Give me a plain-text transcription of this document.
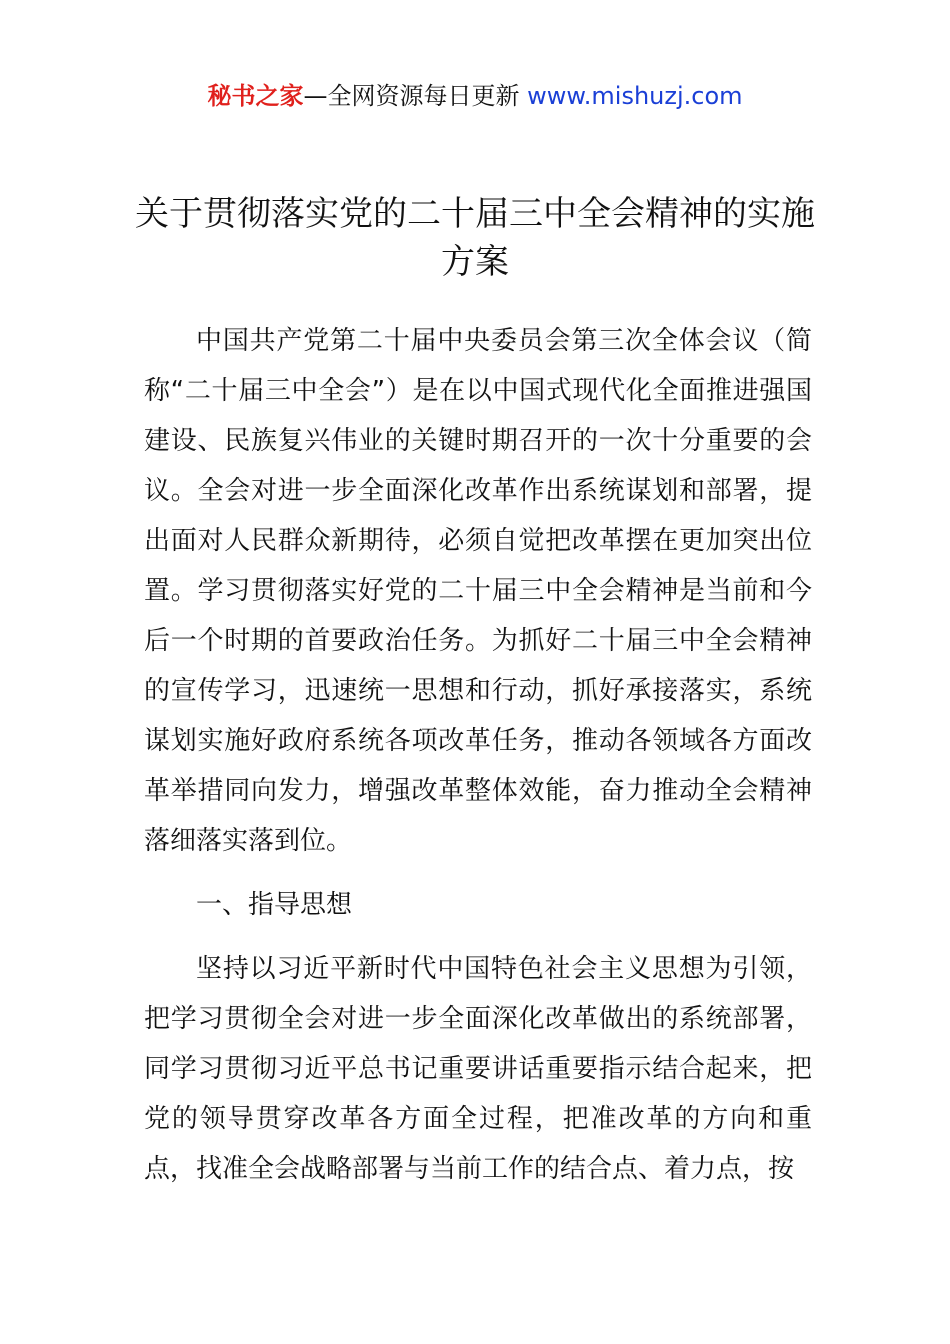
秘书之家—全网资源每日更新 www.mishuzj.com
关于贯彻落实党的二十届三中全会精神的实施方案

中国共产党第二十届中央委员会第三次全体会议（简称“二十届三中全会”）是在以中国式现代化全面推进强国建设、民族复兴伟业的关键时期召开的一次十分重要的会议。全会对进一步全面深化改革作出系统谋划和部署，提出面对人民群众新期待，必须自觉把改革摆在更加突出位置。学习贯彻落实好党的二十届三中全会精神是当前和今后一个时期的首要政治任务。为抓好二十届三中全会精神的宣传学习，迅速统一思想和行动，抓好承接落实，系统谋划实施好政府系统各项改革任务，推动各领域各方面改革举措同向发力，增强改革整体效能，奋力推动全会精神落细落实落到位。

一、指导思想

坚持以习近平新时代中国特色社会主义思想为引领，把学习贯彻全会对进一步全面深化改革做出的系统部署，同学习贯彻习近平总书记重要讲话重要指示结合起来，把党的领导贯穿改革各方面全过程，把准改革的方向和重点，找准全会战略部署与当前工作的结合点、着力点，按
